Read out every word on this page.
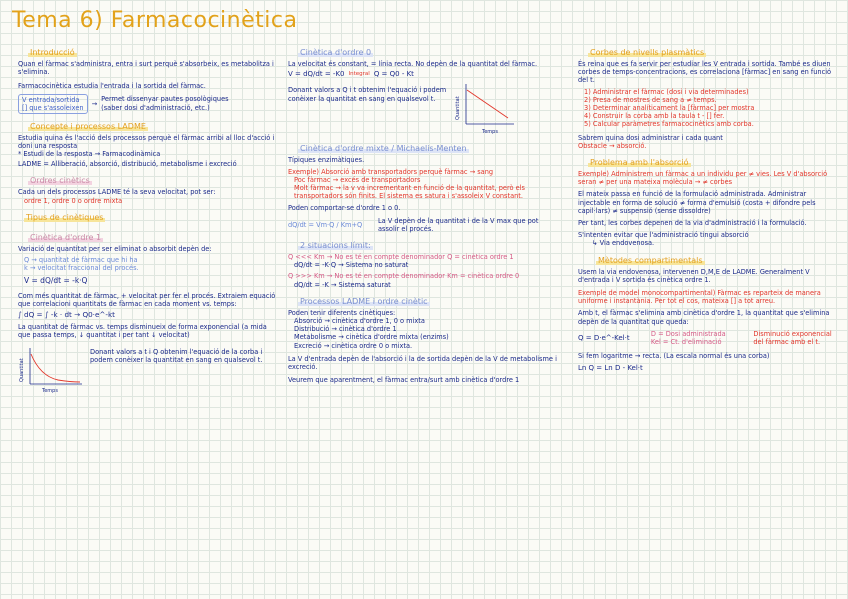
Tema 6) Farmacocinètica
Introducció

Quan el fàrmac s'administra, entra i surt perquè s'absorbeix, es metabolitza i s'elimina.

Farmacocinètica estudia l'entrada i la sortida del fàrmac.

V entrada/sortida
[] que s'assoleixen
→
Permet dissenyar pautes posològiques
(saber dosi d'administració, etc.)
Concepte i processos LADME

Estudia quina és l'acció dels processos perquè el fàrmac arribi al lloc d'acció i doni una resposta

* Estudi de la resposta → Farmacodinàmica

LADME = Alliberació, absorció, distribució, metabolisme i excreció

Ordres cinètics

Cada un dels processos LADME té la seva velocitat, pot ser:

ordre 1, ordre 0 o ordre mixta

Tipus de cinètiques
Cinètica d'ordre 1

Variació de quantitat per ser eliminat o absorbit depèn de:

Q → quantitat de fàrmac que hi ha

k → velocitat fraccional del procés.

V = dQ/dt = -k·Q

Com més quantitat de fàrmac, + velocitat per fer el procés. Extraiem equació que correlacioni quantitats de fàrmac en cada moment vs. temps:

∫ dQ = ∫ -k · dt → Q0·e^-kt

La quantitat de fàrmac vs. temps disminueix de forma exponencial (a mida que passa temps, ↓ quantitat i per tant ↓ velocitat)

Quantitat
Temps

Donant valors a t i Q obtenim l'equació de la corba i podem conèixer la quantitat en sang en qualsevol t.

Cinètica d'ordre 0

La velocitat és constant, = línia recta. No depèn de la quantitat del fàrmac.

V = dQ/dt = -K0 Integral Q = Q0 - Kt

Donant valors a Q i t obtenim l'equació i podem conèixer la quantitat en sang en qualsevol t.	Quantitat
Temps
Cinètica d'ordre mixte / Michaelis-Menten

Típiques enzimàtiques.

Exemple) Absorció amb transportadors perquè fàrmac → sang

Poc fàrmac → excés de transportadors

Molt fàrmac → la v va incrementant en funció de la quantitat, però els transportadors són finits. El sistema es satura i s'assoleix V constant.

Poden comportar-se d'ordre 1 o 0.

dQ/dt = Vm·Q / Km+Q

La V depèn de la quantitat i de la V max que pot assolir el procés.

2 situacions límit:

Q <<< Km → No es té en compte denominador Q = cinètica ordre 1

dQ/dt = -K·Q → Sistema no saturat

Q >>> Km → No es té en compte denominador Km = cinètica ordre 0

dQ/dt = -K → Sistema saturat

Processos LADME i ordre cinètic

Poden tenir diferents cinètiques:

Absorció → cinètica d'ordre 1, 0 o mixta

Distribució → cinètica d'ordre 1

Metabolisme → cinètica d'ordre mixta (enzims)

Excreció → cinètica ordre 0 o mixta.

La V d'entrada depèn de l'absorció i la de sortida depèn de la V de metabolisme i excreció.

Veurem que aparentment, el fàrmac entra/surt amb cinètica d'ordre 1

Corbes de nivells plasmàtics

És reina que es fa servir per estudiar les V entrada i sortida. També es diuen corbes de temps-concentracions, es correlaciona [fàrmac] en sang en funció del t.

1) Administrar el fàrmac (dosi i via determinades)

2) Presa de mostres de sang a ≠ temps.

3) Determinar analíticament la [fàrmac] per mostra

4) Construir la corba amb la taula t - [] fer.

5) Calcular paràmetres farmacocinètics amb corba.

Sabrem quina dosi administrar i cada quant

Obstacle → absorció.

Problema amb l'absorció

Exemple) Administrem un fàrmac a un individu per ≠ vies. Les V d'absorció seran ≠ per una mateixa molècula → ≠ corbes

El mateix passa en funció de la formulació administrada. Administrar injectable en forma de solució ≠ forma d'emulsió (costa + difondre pels capil·lars) ≠ suspensió (sense dissoldre)

Per tant, les corbes depenen de la via d'administració i la formulació.

S'intenten evitar que l'administració tingui absorció

↳ Via endovenosa.

Mètodes compartimentals

Usem la via endovenosa, intervenen D,M,E de LADME. Generalment V d'entrada i V sortida és cinètica ordre 1.

Exemple de model monocompartimental) Fàrmac es reparteix de manera uniforme i instantània. Per tot el cos, mateixa [] a tot arreu.

Amb t, el fàrmac s'elimina amb cinètica d'ordre 1, la quantitat que s'elimina depèn de la quantitat que queda:

Q = D·e^-Kel·t

D = Dosi administrada

Kel = Ct. d'eliminació

Disminució exponencial del fàrmac amb el t.

Si fem logaritme → recta. (La escala normal és una corba)

Ln Q = Ln D - Kel·t
